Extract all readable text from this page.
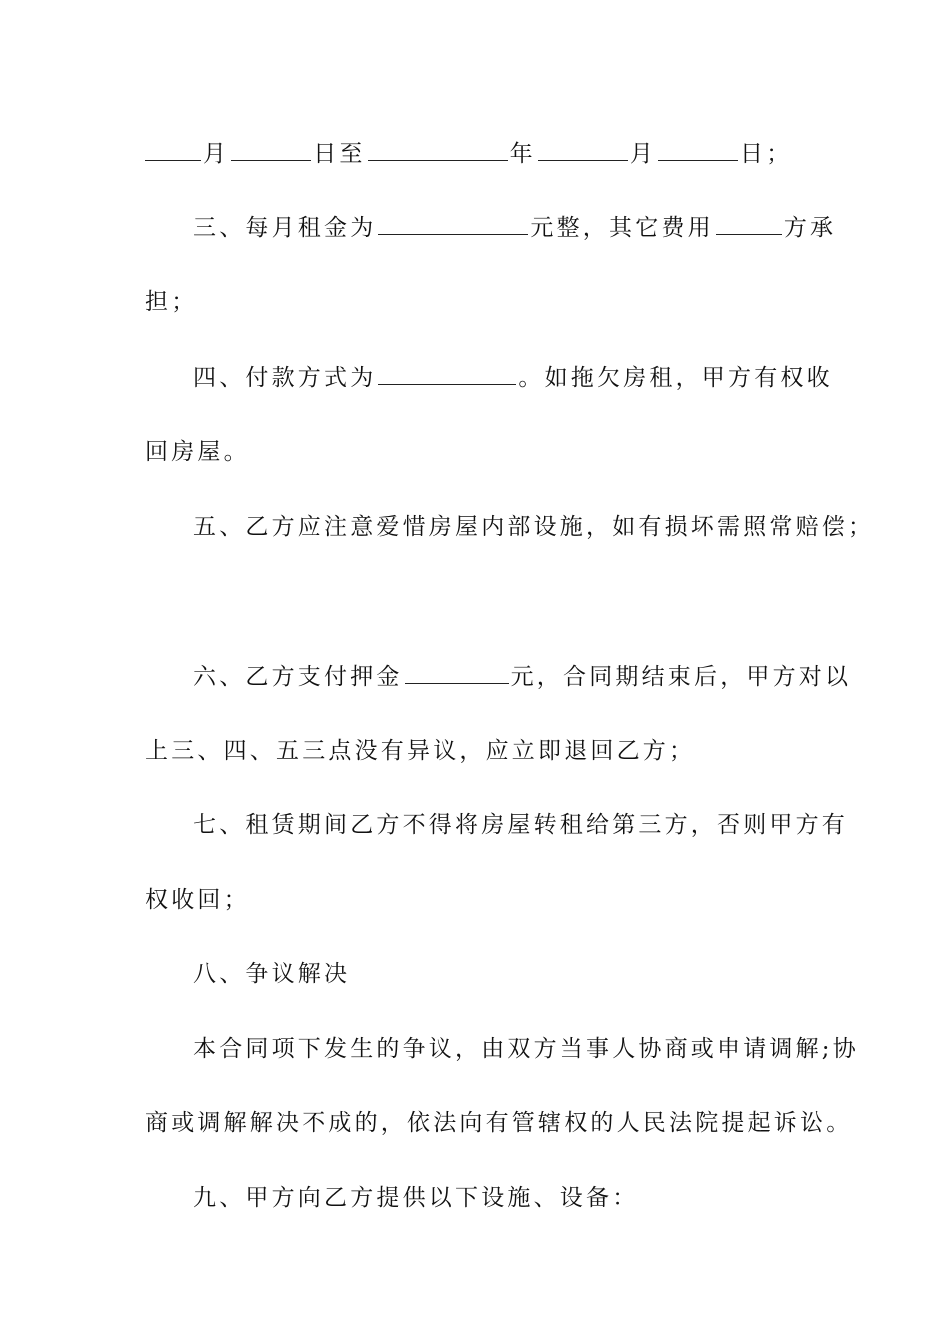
月	日至	年	月	日；
三、每月租金为	元整，其它费用	方承
担；
四、付款方式为	。如拖欠房租，甲方有权收
回房屋。
五、乙方应注意爱惜房屋内部设施，如有损坏需照常赔偿；
六、乙方支付押金	元，合同期结束后，甲方对以
上三、四、五三点没有异议，应立即退回乙方；
七、租赁期间乙方不得将房屋转租给第三方，否则甲方有
权收回；
八、争议解决
本合同项下发生的争议，由双方当事人协商或申请调解;协
商或调解解决不成的，依法向有管辖权的人民法院提起诉讼。
九、甲方向乙方提供以下设施、设备：
